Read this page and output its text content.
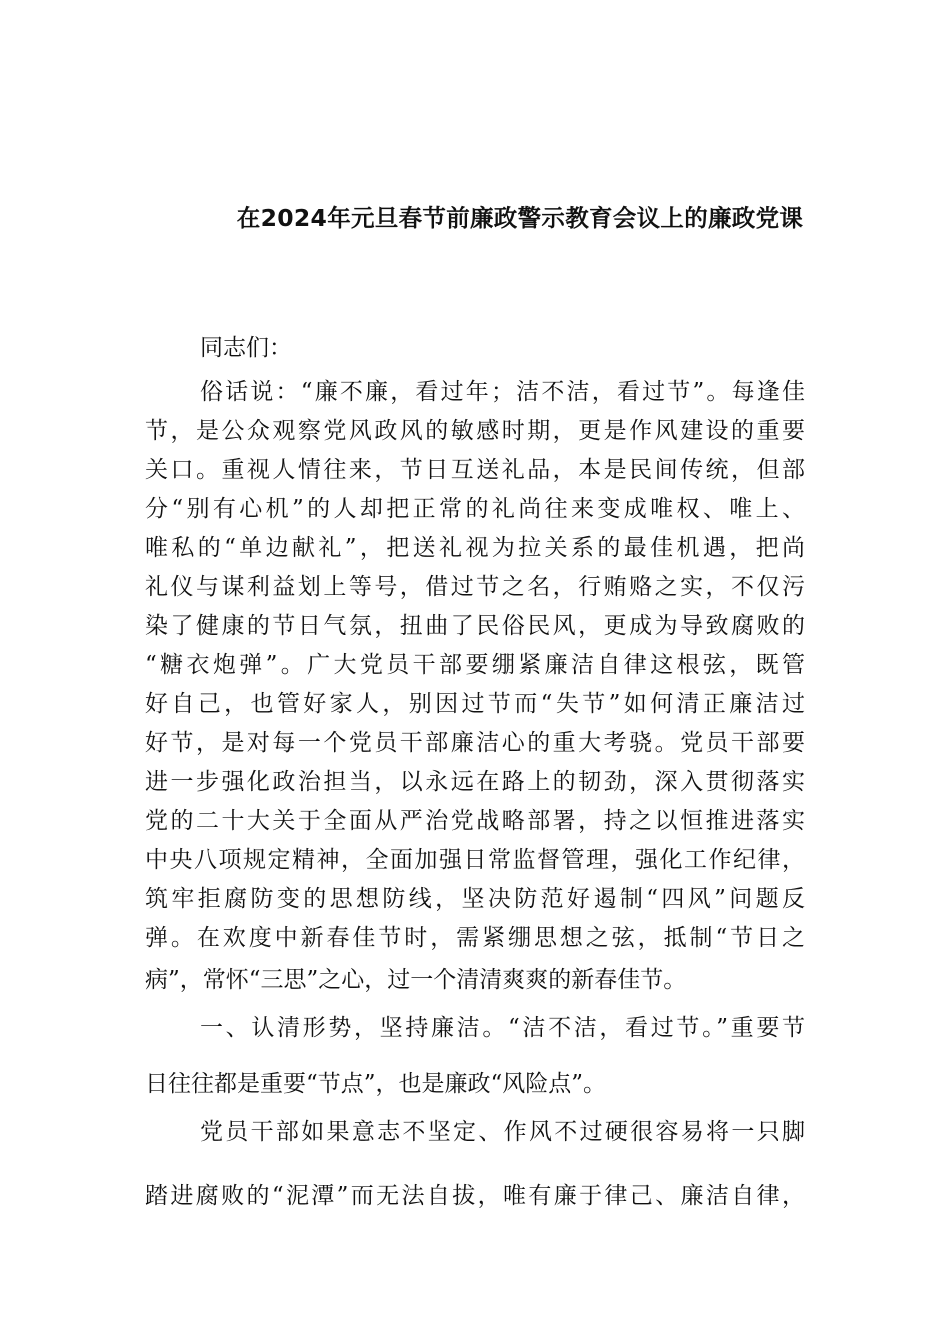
在2024年元旦春节前廉政警示教育会议上的廉政党课
同志们：
俗话说：“廉不廉，看过年；洁不洁，看过节”。每逢佳
节，是公众观察党风政风的敏感时期，更是作风建设的重要
关口。重视人情往来，节日互送礼品，本是民间传统，但部
分“别有心机”的人却把正常的礼尚往来变成唯权、唯上、
唯私的“单边献礼”，把送礼视为拉关系的最佳机遇，把尚
礼仪与谋利益划上等号，借过节之名，行贿赂之实，不仅污
染了健康的节日气氛，扭曲了民俗民风，更成为导致腐败的
“糖衣炮弹”。广大党员干部要绷紧廉洁自律这根弦，既管
好自己，也管好家人，别因过节而“失节”如何清正廉洁过
好节，是对每一个党员干部廉洁心的重大考骁。党员干部要
进一步强化政治担当，以永远在路上的韧劲，深入贯彻落实
党的二十大关于全面从严治党战略部署，持之以恒推进落实
中央八项规定精神，全面加强日常监督管理，强化工作纪律，
筑牢拒腐防变的思想防线，坚决防范好遏制“四风”问题反
弹。在欢度中新春佳节时，需紧绷思想之弦，抵制“节日之
病”，常怀“三思”之心，过一个清清爽爽的新春佳节。
一、认清形势，坚持廉洁。“洁不洁，看过节。”重要节
日往往都是重要“节点”，也是廉政“风险点”。
党员干部如果意志不坚定、作风不过硬很容易将一只脚
踏进腐败的“泥潭”而无法自拔，唯有廉于律己、廉洁自律，
